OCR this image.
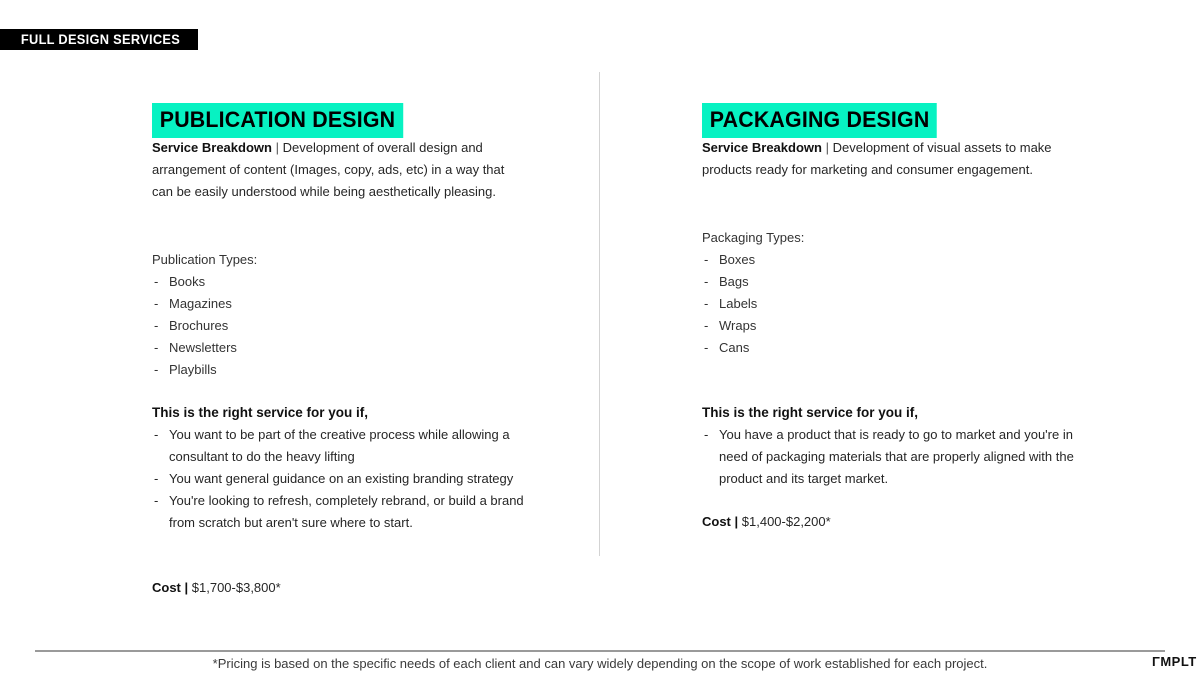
FULL DESIGN SERVICES
PUBLICATION DESIGN
Service Breakdown | Development of overall design and arrangement of content (Images, copy, ads, etc) in a way that can be easily understood while being aesthetically pleasing.
Publication Types:
- Books
- Magazines
- Brochures
- Newsletters
- Playbills
This is the right service for you if,
- You want to be part of the creative process while allowing a consultant to do the heavy lifting
- You want general guidance on an existing branding strategy
- You're looking to refresh, completely rebrand, or build a brand from scratch but aren't sure where to start.
Cost | $1,700-$3,800*
PACKAGING DESIGN
Service Breakdown | Development of visual assets to make products ready for marketing and consumer engagement.
Packaging Types:
- Boxes
- Bags
- Labels
- Wraps
- Cans
This is the right service for you if,
- You have a product that is ready to go to market and you're in need of packaging materials that are properly aligned with the product and its target market.
Cost | $1,400-$2,200*
*Pricing is based on the specific needs of each client and can vary widely depending on the scope of work established for each project.	ΓMPLT
